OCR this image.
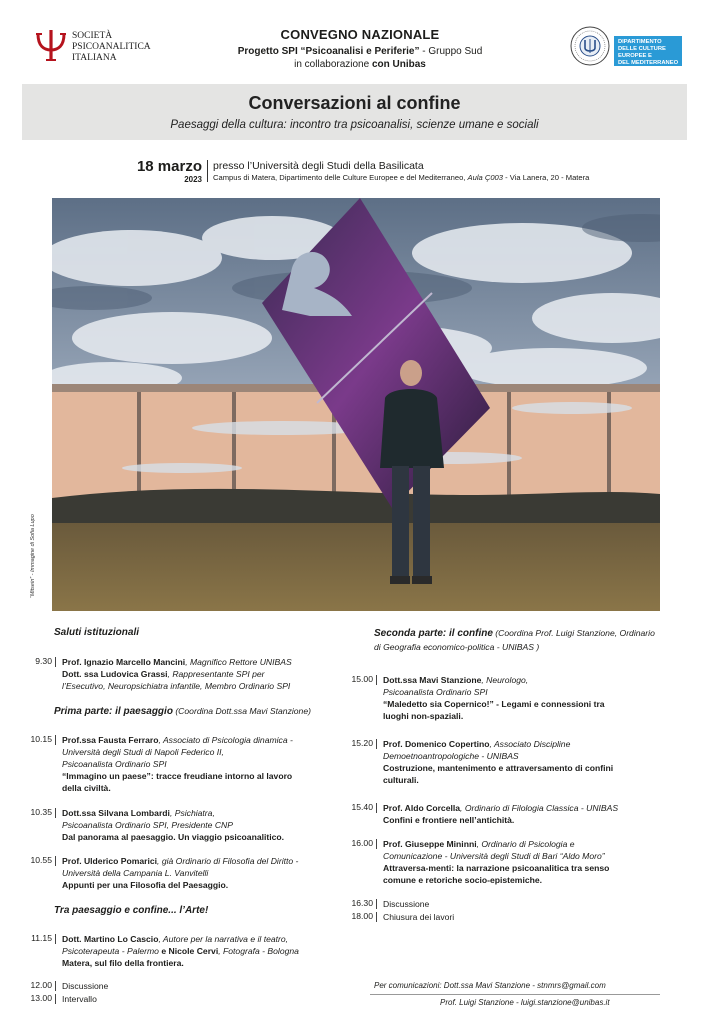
SOCIETÀ
PSICOANALITICA
ITALIANA
CONVEGNO NAZIONALE
Progetto SPI “Psicoanalisi e Periferie” - Gruppo Sud
in collaborazione con Unibas
DIPARTIMENTO
DELLE CULTURE
EUROPEE E
DEL MEDITERRANEO
Conversazioni al confine
Paesaggi della cultura: incontro tra psicoanalisi, scienze umane e sociali
18 marzo
2023
presso l’Università degli Studi della Basilicata
Campus di Matera, Dipartimento delle Culture Europee e del Mediterraneo, Aula Ç003 - Via Lanera, 20 - Matera
“Mitsein” - Immagine di Sofia Lupo
Saluti istituzionali
9.30 Prof. Ignazio Marcello Mancini, Magnifico Rettore UNIBAS
Dott. ssa Ludovica Grassi, Rappresentante SPI per
l’Esecutivo, Neuropsichiatra infantile, Membro Ordinario SPI
Prima parte: il paesaggio (Coordina Dott.ssa Mavi Stanzione)
10.15 Prof.ssa Fausta Ferraro, Associato di Psicologia dinamica -
Università degli Studi di Napoli Federico II,
Psicoanalista Ordinario SPI
“Immagino un paese”: tracce freudiane intorno al lavoro
della civiltà.
10.35 Dott.ssa Silvana Lombardi, Psichiatra,
Psicoanalista Ordinario SPI, Presidente CNP
Dal panorama al paesaggio. Un viaggio psicoanalitico.
10.55 Prof. Ulderico Pomarici, già Ordinario di Filosofia del Diritto -
Università della Campania L. Vanvitelli
Appunti per una Filosofia del Paesaggio.
Tra paesaggio e confine... l’Arte!
11.15 Dott. Martino Lo Cascio, Autore per la narrativa e il teatro,
Psicoterapeuta - Palermo e Nicole Cervi, Fotografa - Bologna
Matera, sul filo della frontiera.
12.00 Discussione
13.00 Intervallo
Seconda parte: il confine (Coordina Prof. Luigi Stanzione, Ordinario
di Geografia economico-politica - UNIBAS )
15.00 Dott.ssa Mavi Stanzione, Neurologo,
Psicoanalista Ordinario SPI
“Maledetto sia Copernico!” - Legami e connessioni tra
luoghi non-spaziali.
15.20 Prof. Domenico Copertino, Associato Discipline
Demoetnoantropologiche - UNIBAS
Costruzione, mantenimento e attraversamento di confini
culturali.
15.40 Prof. Aldo Corcella, Ordinario di Filologia Classica - UNIBAS
Confini e frontiere nell’antichità.
16.00 Prof. Giuseppe Mininni, Ordinario di Psicologia e
Comunicazione - Università degli Studi di Bari “Aldo Moro”
Attraversa-menti: la narrazione psicoanalitica tra senso
comune e retoriche socio-epistemiche.
16.30 Discussione
18.00 Chiusura dei lavori
Per comunicazioni: Dott.ssa Mavi Stanzione - stnmrs@gmail.com
Prof. Luigi Stanzione - luigi.stanzione@unibas.it
